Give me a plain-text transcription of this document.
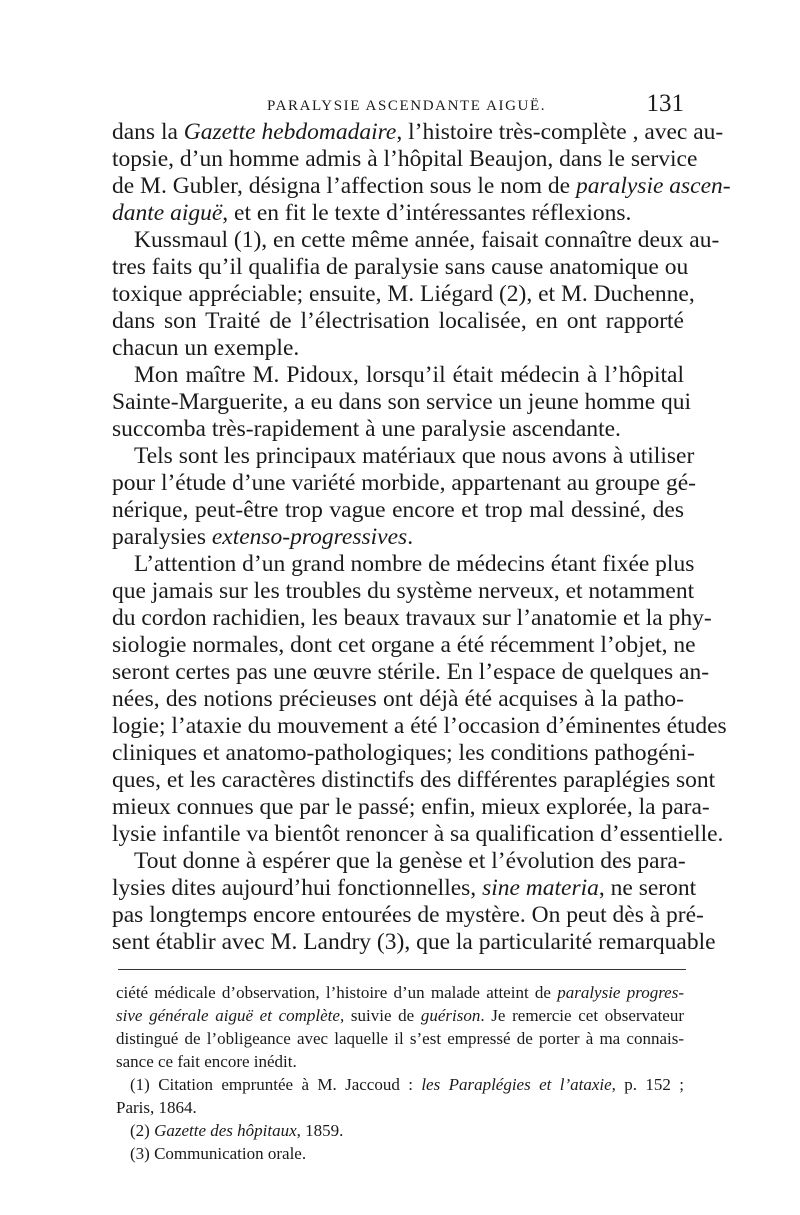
PARALYSIE ASCENDANTE AIGUË.	131
dans la Gazette hebdomadaire, l’histoire très-complète , avec au-
topsie, d’un homme admis à l’hôpital Beaujon, dans le service
de M. Gubler, désigna l’affection sous le nom de paralysie ascen-
dante aiguë, et en fit le texte d’intéressantes réflexions.
Kussmaul (1), en cette même année, faisait connaître deux au-
tres faits qu’il qualifia de paralysie sans cause anatomique ou
toxique appréciable; ensuite, M. Liégard (2), et M. Duchenne,
dans son Traité de l’électrisation localisée, en ont rapporté
chacun un exemple.
Mon maître M. Pidoux, lorsqu’il était médecin à l’hôpital
Sainte-Marguerite, a eu dans son service un jeune homme qui
succomba très-rapidement à une paralysie ascendante.
Tels sont les principaux matériaux que nous avons à utiliser
pour l’étude d’une variété morbide, appartenant au groupe gé-
nérique, peut-être trop vague encore et trop mal dessiné, des
paralysies extenso-progressives.
L’attention d’un grand nombre de médecins étant fixée plus
que jamais sur les troubles du système nerveux, et notamment
du cordon rachidien, les beaux travaux sur l’anatomie et la phy-
siologie normales, dont cet organe a été récemment l’objet, ne
seront certes pas une œuvre stérile. En l’espace de quelques an-
nées, des notions précieuses ont déjà été acquises à la patho-
logie; l’ataxie du mouvement a été l’occasion d’éminentes études
cliniques et anatomo-pathologiques; les conditions pathogéni-
ques, et les caractères distinctifs des différentes paraplégies sont
mieux connues que par le passé; enfin, mieux explorée, la para-
lysie infantile va bientôt renoncer à sa qualification d’essentielle.
Tout donne à espérer que la genèse et l’évolution des para-
lysies dites aujourd’hui fonctionnelles, sine materia, ne seront
pas longtemps encore entourées de mystère. On peut dès à pré-
sent établir avec M. Landry (3), que la particularité remarquable
ciété médicale d’observation, l’histoire d’un malade atteint de paralysie progres-
sive générale aiguë et complète, suivie de guérison. Je remercie cet observateur
distingué de l’obligeance avec laquelle il s’est empressé de porter à ma connais-
sance ce fait encore inédit.
(1) Citation empruntée à M. Jaccoud : les Paraplégies et l’ataxie, p. 152 ;
Paris, 1864.
(2) Gazette des hôpitaux, 1859.
(3) Communication orale.
